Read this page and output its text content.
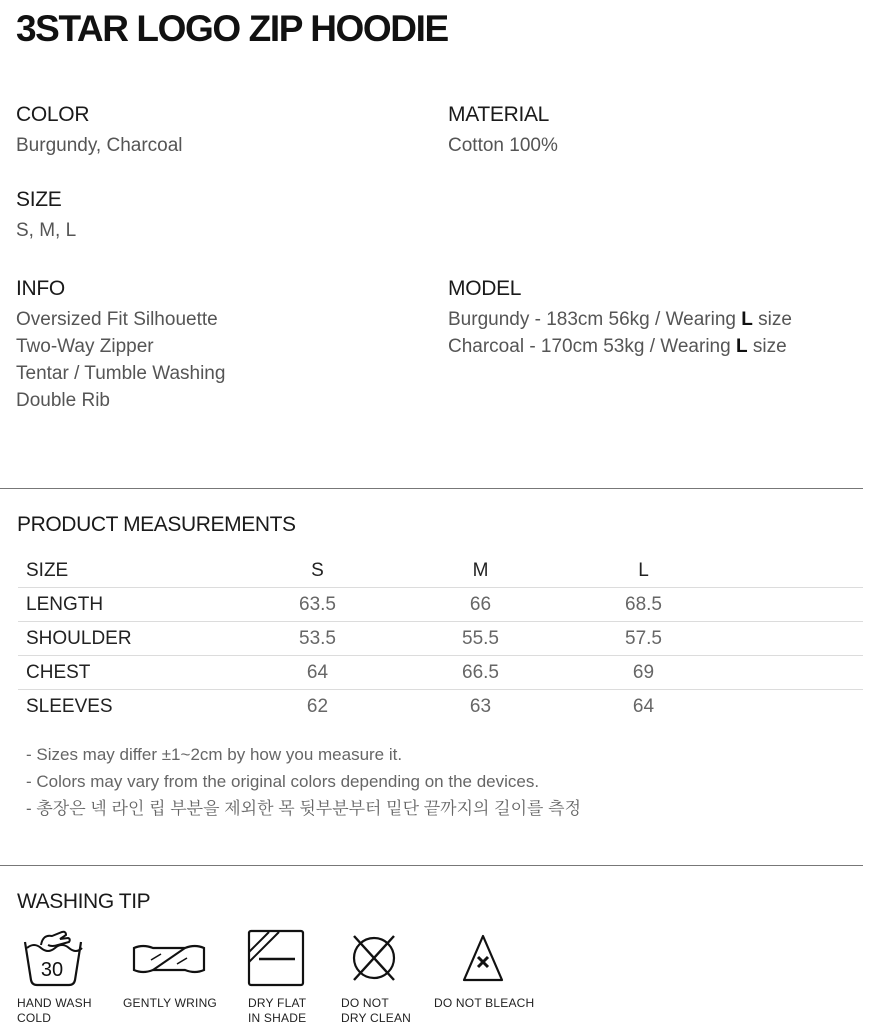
3STAR LOGO ZIP HOODIE
COLOR
Burgundy, Charcoal
MATERIAL
Cotton 100%
SIZE
S, M, L
INFO
Oversized Fit Silhouette
Two-Way Zipper
Tentar / Tumble Washing
Double Rib
MODEL
Burgundy - 183cm 56kg / Wearing L size
Charcoal - 170cm 53kg / Wearing L size
PRODUCT MEASUREMENTS
SIZE	S	M	L	
LENGTH	63.5	66	68.5	
SHOULDER	53.5	55.5	57.5	
CHEST	64	66.5	69	
SLEEVES	62	63	64	
- Sizes may differ ±1~2cm by how you measure it.
- Colors may vary from the original colors depending on the devices.
- 총장은 넥 라인 립 부분을 제외한 목 뒷부분부터 밑단 끝까지의 길이를 측정
WASHING TIP
30
HAND WASH
COLD
GENTLY WRING	DRY FLAT
IN SHADE
DO NOT
DRY CLEAN
DO NOT BLEACH
